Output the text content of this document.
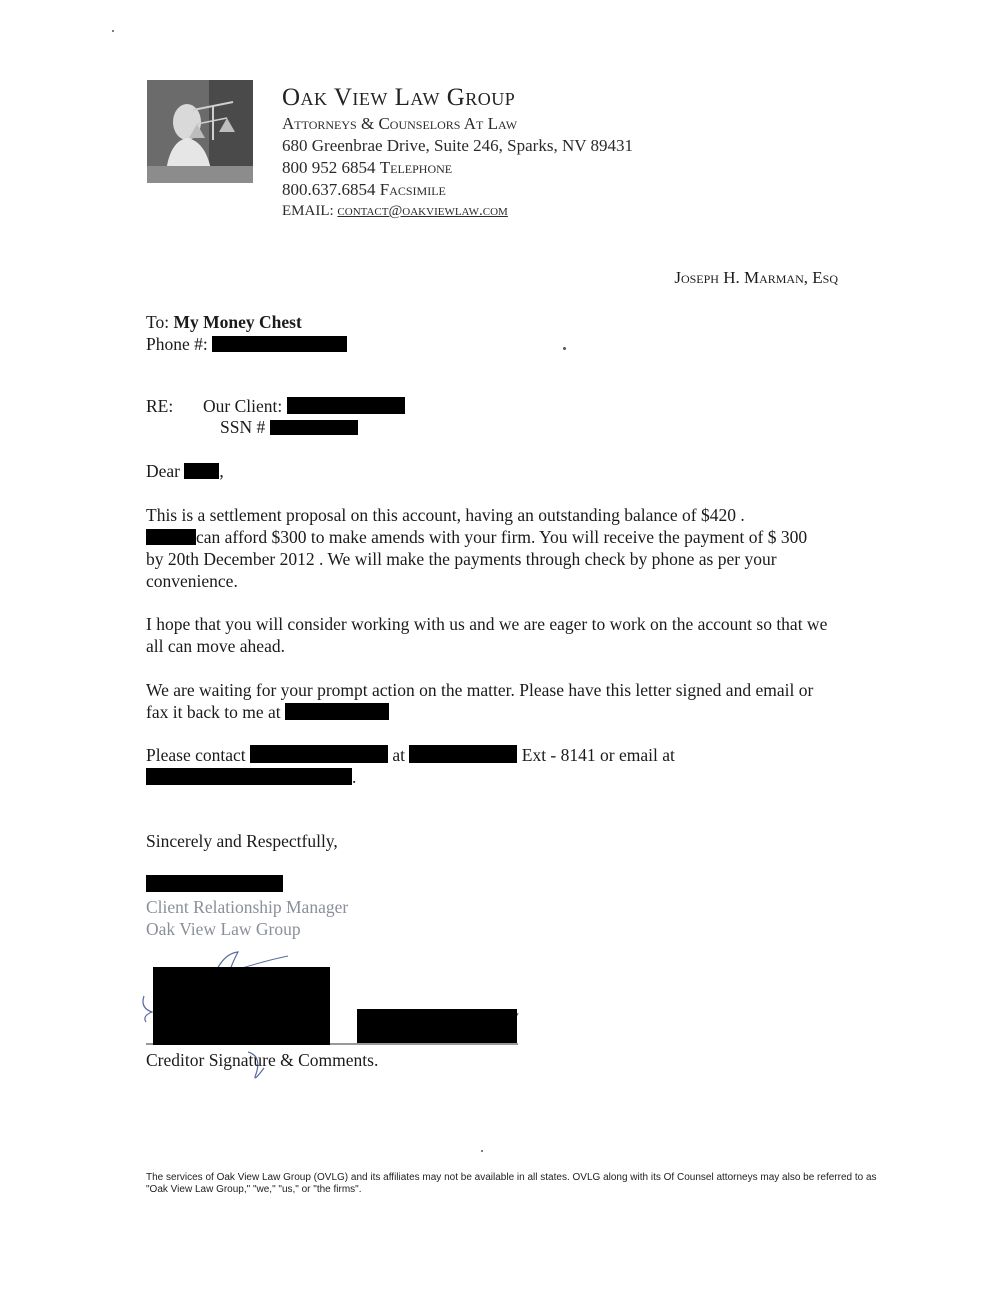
Oak View Law Group
Attorneys & Counselors At Law
680 Greenbrae Drive, Suite 246, Sparks, NV 89431
800 952 6854 Telephone
800.637.6854 Facsimile
EMAIL: contact@oakviewlaw.com
Joseph H. Marman, Esq
To: My Money Chest
Phone #:
RE: Our Client:
SSN #
Dear ,
This is a settlement proposal on this account, having an outstanding balance of $420 .
can afford $300 to make amends with your firm. You will receive the payment of $ 300
by 20th December 2012 . We will make the payments through check by phone as per your
convenience.
I hope that you will consider working with us and we are eager to work on the account so that we
all can move ahead.
We are waiting for your prompt action on the matter. Please have this letter signed and email or
fax it back to me at
Please contact	at	Ext - 8141 or email at
.
Sincerely and Respectfully,
Client Relationship Manager
Oak View Law Group
Creditor Signature & Comments.
The services of Oak View Law Group (OVLG) and its affiliates may not be available in all states. OVLG along with its Of Counsel attorneys may also be referred to as "Oak View Law Group," "we," "us," or "the firms".
